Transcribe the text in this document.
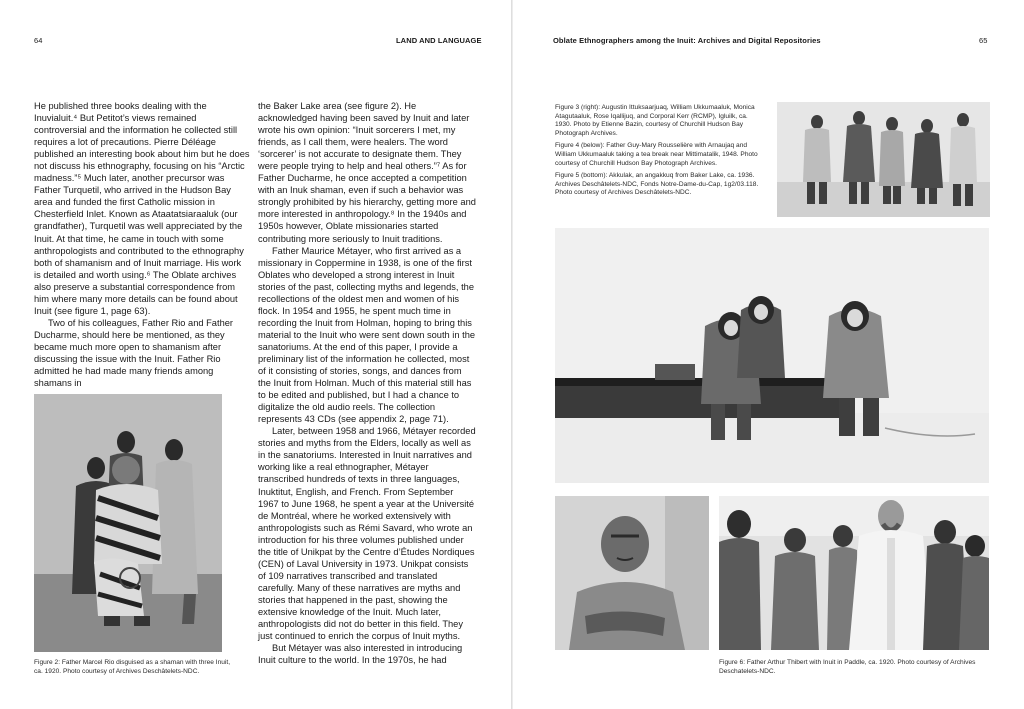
64	LAND AND LANGUAGE

He published three books dealing with the Inuvialuit.⁴ But Petitot’s views remained controversial and the information he collected still requires a lot of precautions. Pierre Déléage published an interesting book about him but he does not discuss his ethnography, focusing on his “Arctic madness.”⁵ Much later, another precursor was Father Turquetil, who arrived in the Hudson Bay area and funded the first Catholic mission in Chesterfield Inlet. Known as Ataatatsiaraaluk (our grandfather), Turquetil was well appreciated by the Inuit. At that time, he came in touch with some anthropologists and contributed to the ethnography both of shamanism and of Inuit marriage. His work is detailed and worth using.⁶ The Oblate archives also preserve a substantial correspondence from him where many more details can be found about Inuit (see figure 1, page 63).

Two of his colleagues, Father Rio and Father Ducharme, should here be mentioned, as they became much more open to shamanism after discussing the issue with the Inuit. Father Rio admitted he had made many friends among shamans in

the Baker Lake area (see figure 2). He acknowledged having been saved by Inuit and later wrote his own opinion: “Inuit sorcerers I met, my friends, as I call them, were healers. The word ‘sorcerer’ is not accurate to designate them. They were people trying to help and heal others.”⁷ As for Father Ducharme, he once accepted a competition with an Inuk shaman, even if such a behavior was strongly prohibited by his hierarchy, getting more and more interested in anthropology.⁸ In the 1940s and 1950s however, Oblate missionaries started contributing more seriously to Inuit traditions.

Father Maurice Métayer, who first arrived as a missionary in Coppermine in 1938, is one of the first Oblates who developed a strong interest in Inuit stories of the past, collecting myths and legends, the recollections of the oldest men and women of his flock. In 1954 and 1955, he spent much time in recording the Inuit from Holman, hoping to bring this material to the Inuit who were sent down south in the sanatoriums. At the end of this paper, I provide a preliminary list of the information he collected, most of it consisting of stories, songs, and dances from the Inuit from Holman. Much of this material still has to be edited and published, but I had a chance to digitalize the old audio reels. The collection represents 43 CDs (see appendix 2, page 71).

Later, between 1958 and 1966, Métayer recorded stories and myths from the Elders, locally as well as in the sanatoriums. Interested in Inuit narratives and working like a real ethnographer, Métayer transcribed hundreds of texts in three languages, Inuktitut, English, and French. From September 1967 to June 1968, he spent a year at the Université de Montréal, where he worked extensively with anthropologists such as Rémi Savard, who wrote an introduction for his three volumes published under the title of Unikpat by the Centre d’Études Nordiques (CEN) of Laval University in 1973. Unikpat consists of 109 narratives transcribed and translated carefully. Many of these narratives are myths and stories that happened in the past, showing the extensive knowledge of the Inuit. Much later, anthropologists did not do better in this field. They just continued to enrich the corpus of Inuit myths.

But Métayer was also interested in introducing Inuit culture to the world. In the 1970s, he had

Figure 2: Father Marcel Rio disguised as a shaman with three Inuit, ca. 1920. Photo courtesy of Archives Deschâtelets-NDC.

Oblate Ethnographers among the Inuit: Archives and Digital Repositories	65

Figure 3 (right): Augustin Ittuksaarjuaq, William Ukkumaaluk, Monica Atagutaaluk, Rose Iqallijuq, and Corporal Kerr (RCMP), Igluilk, ca. 1930. Photo by Etienne Bazin, courtesy of Churchill Hudson Bay Photograph Archives.

Figure 4 (below): Father Guy-Mary Rousselière with Arnaujaq and William Ukkumaaluk taking a tea break near Mittimatalik, 1948. Photo courtesy of Churchill Hudson Bay Photograph Archives.

Figure 5 (bottom): Akkulak, an angakkuq from Baker Lake, ca. 1936. Archives Deschâtelets-NDC, Fonds Notre-Dame-du-Cap, 1g2/03.118. Photo courtesy of Archives Deschâtelets-NDC.

Figure 6: Father Arthur Thibert with Inuit in Paddle, ca. 1920. Photo courtesy of Archives Deschatelets-NDC.
